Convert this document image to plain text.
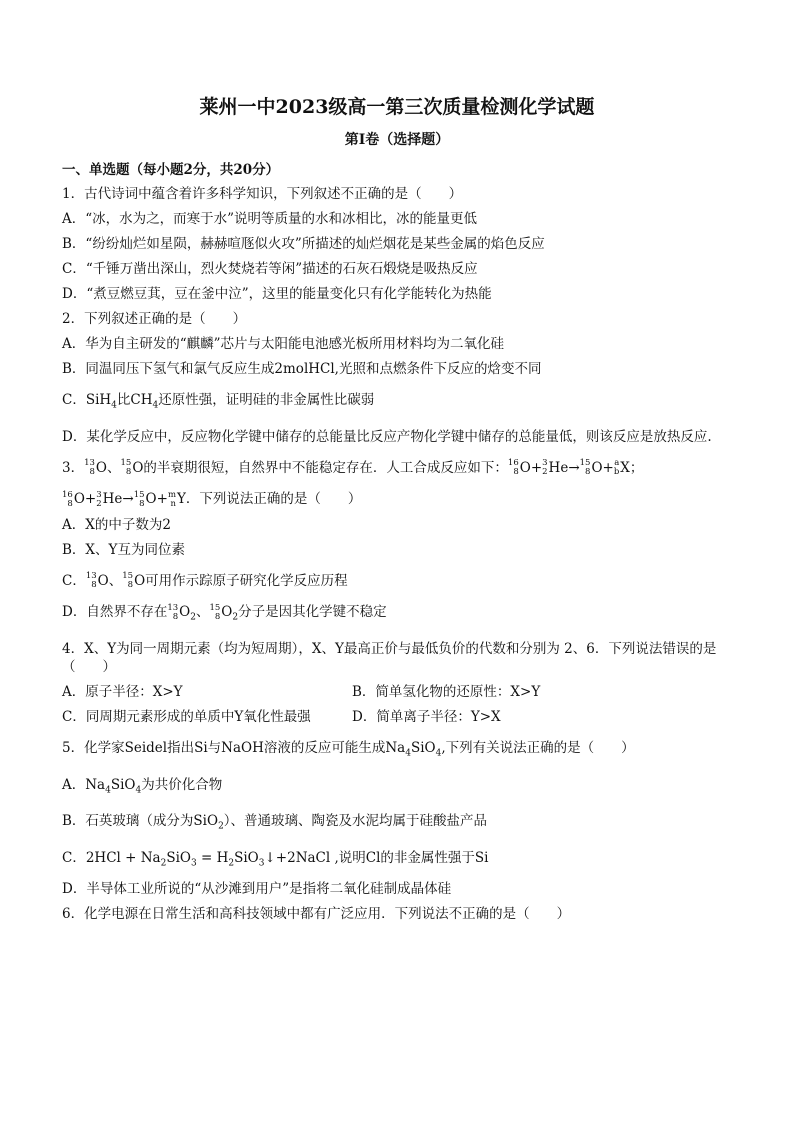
莱州一中2023级高一第三次质量检测化学试题
第Ⅰ卷（选择题）
一、单选题（每小题2分，共20分）
1．古代诗词中蕴含着许多科学知识，下列叙述不正确的是（　　）
A．“冰，水为之，而寒于水”说明等质量的水和冰相比，冰的能量更低
B．“纷纷灿烂如星陨，赫赫喧豗似火攻”所描述的灿烂烟花是某些金属的焰色反应
C．“千锤万凿出深山，烈火焚烧若等闲”描述的石灰石煅烧是吸热反应
D．“煮豆燃豆萁，豆在釜中泣”，这里的能量变化只有化学能转化为热能
2．下列叙述正确的是（　　）
A．华为自主研发的“麒麟”芯片与太阳能电池感光板所用材料均为二氧化硅
B．同温同压下氢气和氯气反应生成2molHCl,光照和点燃条件下反应的焓变不同
C．SiH$_4$比$CH_4$还原性强，证明硅的非金属性比碳弱
D．某化学反应中，反应物化学键中储存的总能量比反应产物化学键中储存的总能量低，则该反应是放热反应.
3． 13
8 O、 15
8 O的半衰期很短，自然界中不能稳定存在．人工合成反应如下： 16
8 O+ 3
2 He→ 15
8 O+ a
b X；
16
8 O+ 3
2 He→ 15
8 O+ m
n Y．下列说法正确的是（　　）
A．X的中子数为2
B．X、Y互为同位素
C． 13
8 O、 15
8 O可用作示踪原子研究化学反应历程
D．自然界不存在 13
8 $O_2$、 15
8 $O_2$分子是因其化学键不稳定
4．X、Y为同一周期元素（均为短周期），X、Y最高正价与最低负价的代数和分别为 2、6．下列说法错误的是（　　）
A．原子半径：X>Y	B．简单氢化物的还原性：X>Y
C．同周期元素形成的单质中Y氧化性最强	D．简单离子半径：Y>X
5．化学家Seidel指出Si与NaOH溶液的反应可能生成$Na_4SiO_4$,下列有关说法正确的是（　　）
A．$Na_4SiO_4$为共价化合物
B．石英玻璃（成分为SiO$_2$）、普通玻璃、陶瓷及水泥均属于硅酸盐产品
C．$2HCl + Na_2SiO_3$ = $H_2SiO_3↓+2NaCl$ ,说明Cl的非金属性强于Si
D．半导体工业所说的“从沙滩到用户”是指将二氧化硅制成晶体硅
6．化学电源在日常生活和高科技领域中都有广泛应用．下列说法不正确的是（　　）
